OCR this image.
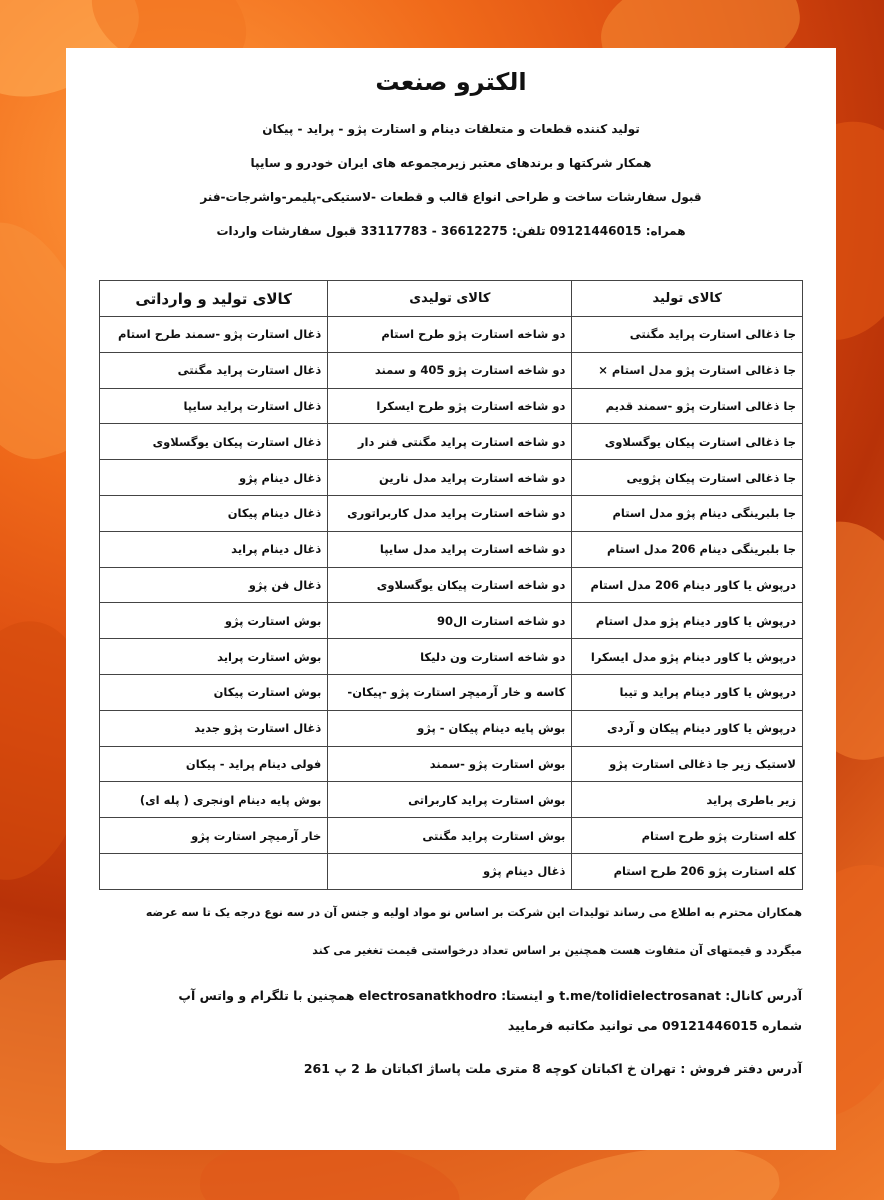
الکترو صنعت
تولید کننده قطعات و متعلقات دینام و استارت پژو - پراید - پیکان
همکار شرکتها و برندهای معتبر زیرمجموعه های ایران خودرو و سایپا
قبول سفارشات ساخت و طراحی انواع قالب و قطعات -لاستیکی-پلیمر-واشرجات-فنر
همراه: 09121446015 تلفن: 36612275 - 33117783 قبول سفارشات واردات
کالای تولید	کالای تولیدی	کالای تولید و وارداتی
جا ذغالی استارت پراید مگنتی	دو شاخه استارت پژو طرح استام	ذغال استارت پژو -سمند طرح استام
جا ذغالی استارت پژو مدل استام ×	دو شاخه استارت پژو 405 و سمند	ذغال استارت پراید مگنتی
جا ذغالی استارت پژو -سمند قدیم	دو شاخه استارت پژو طرح ایسکرا	ذغال استارت پراید سایپا
جا ذغالی استارت پیکان یوگسلاوی	دو شاخه استارت پراید مگنتی فنر دار	ذغال استارت پیکان یوگسلاوی
جا ذغالی استارت پیکان پژویی	دو شاخه استارت پراید مدل نارین	ذغال دینام پژو
جا بلبرینگی دینام پژو مدل استام	دو شاخه استارت پراید مدل کاربراتوری	ذغال دینام پیکان
جا بلبرینگی دینام 206 مدل استام	دو شاخه استارت پراید مدل سایپا	ذغال دینام پراید
درپوش یا کاور دینام 206 مدل استام	دو شاخه استارت پیکان یوگسلاوی	ذغال فن پژو
درپوش یا کاور دینام پژو مدل استام	دو شاخه استارت ال90	بوش استارت پژو
درپوش یا کاور دینام پژو مدل ایسکرا	دو شاخه استارت ون دلیکا	بوش استارت پراید
درپوش یا کاور دینام پراید و تیبا	کاسه و خار آرمیچر استارت پژو -پیکان-	بوش استارت پیکان
درپوش یا کاور دینام پیکان و آردی	بوش پایه دینام پیکان - پژو	ذغال استارت پژو جدید
لاستیک زیر جا ذغالی استارت پژو	بوش استارت پژو -سمند	فولی دینام پراید - پیکان
زیر باطری پراید	بوش استارت پراید کاربراتی	بوش پایه دینام اونجری ( پله ای)
کله استارت پژو طرح استام	بوش استارت پراید مگنتی	خار آرمیچر استارت پژو
کله استارت پژو 206 طرح استام	ذغال دینام پژو	
همکاران محترم به اطلاع می رساند تولیدات این شرکت بر اساس نو مواد اولیه و جنس آن در سه نوع درجه یک تا سه عرضه
میگردد و قیمتهای آن متفاوت هست همچنین بر اساس تعداد درخواستی قیمت تغغیر می کند
آدرس کانال: t.me/tolidielectrosanat و اینستا: electrosanatkhodro همچنین با تلگرام و واتس آپ
شماره 09121446015 می توانید مکاتبه فرمایید
آدرس دفتر فروش : تهران خ اکباتان کوچه 8 متری ملت پاساژ اکباتان ط 2 پ 261
